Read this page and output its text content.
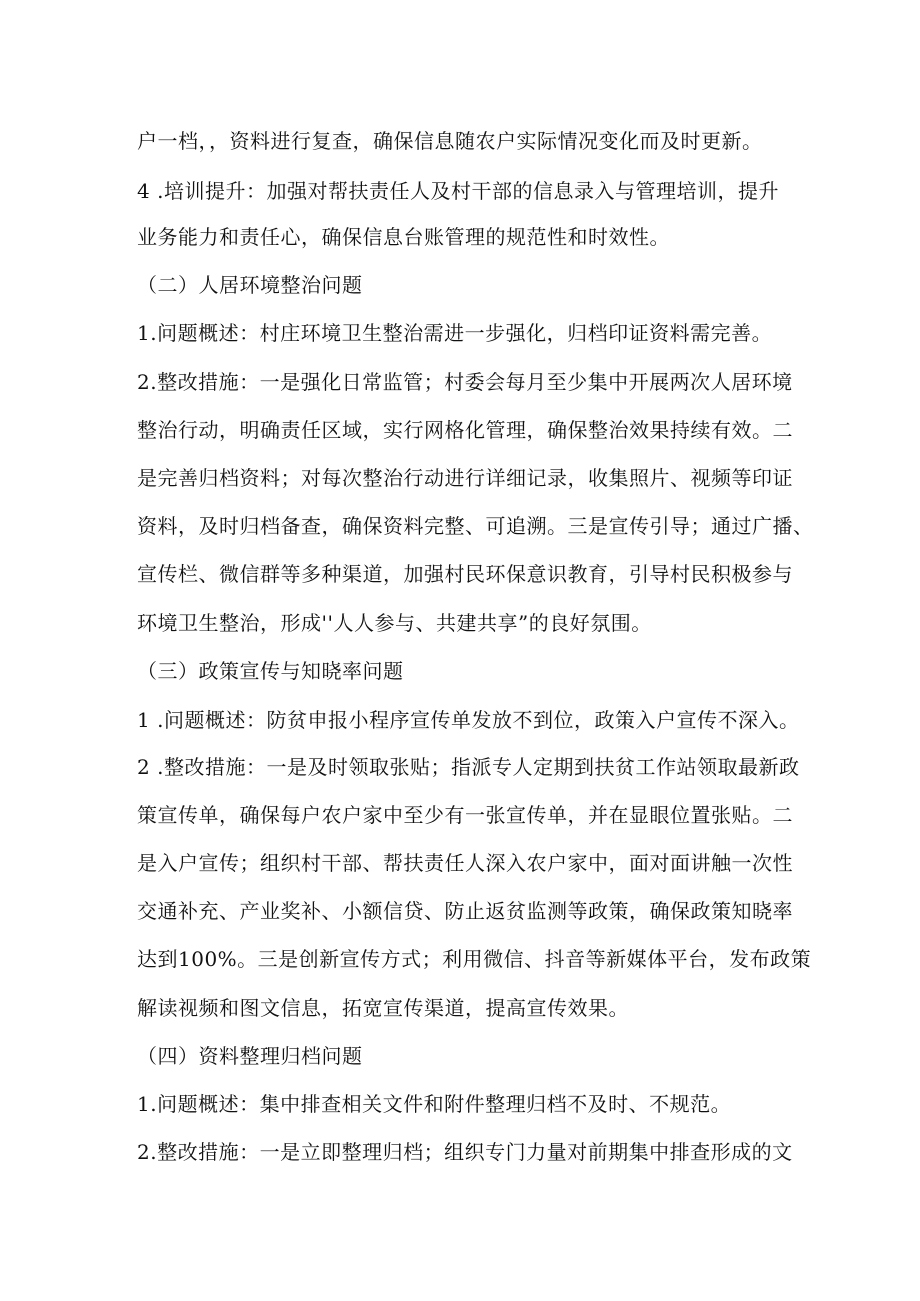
户一档，，资料进行复查，确保信息随农户实际情况变化而及时更新。
4 .培训提升：加强对帮扶责任人及村干部的信息录入与管理培训，提升
业务能力和责任心，确保信息台账管理的规范性和时效性。
（二）人居环境整治问题
1.问题概述：村庄环境卫生整治需进一步强化，归档印证资料需完善。
2.整改措施：一是强化日常监管；村委会每月至少集中开展两次人居环境
整治行动，明确责任区域，实行网格化管理，确保整治效果持续有效。二
是完善归档资料；对每次整治行动进行详细记录，收集照片、视频等印证
资料，及时归档备查，确保资料完整、可追溯。三是宣传引导；通过广播、
宣传栏、微信群等多种渠道，加强村民环保意识教育，引导村民积极参与
环境卫生整治，形成''人人参与、共建共享”的良好氛围。
（三）政策宣传与知晓率问题
1 .问题概述：防贫申报小程序宣传单发放不到位，政策入户宣传不深入。
2 .整改措施：一是及时领取张贴；指派专人定期到扶贫工作站领取最新政
策宣传单，确保每户农户家中至少有一张宣传单，并在显眼位置张贴。二
是入户宣传；组织村干部、帮扶责任人深入农户家中，面对面讲触一次性
交通补充、产业奖补、小额信贷、防止返贫监测等政策，确保政策知晓率
达到100%。三是创新宣传方式；利用微信、抖音等新媒体平台，发布政策
解读视频和图文信息，拓宽宣传渠道，提高宣传效果。
（四）资料整理归档问题
1.问题概述：集中排查相关文件和附件整理归档不及时、不规范。
2.整改措施：一是立即整理归档；组织专门力量对前期集中排查形成的文
